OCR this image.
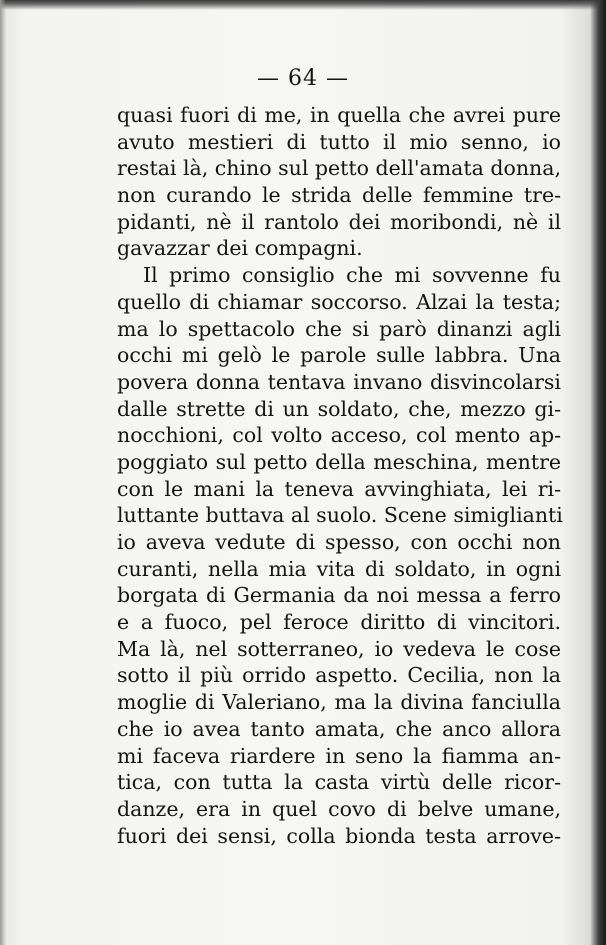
— 64 —
quasi fuori di me, in quella che avrei pure
avuto mestieri di tutto il mio senno, io
restai là, chino sul petto dell'amata donna,
non curando le strida delle femmine tre-
pidanti, nè il rantolo dei moribondi, nè il
gavazzar dei compagni.
Il primo consiglio che mi sovvenne fu
quello di chiamar soccorso. Alzai la testa;
ma lo spettacolo che si parò dinanzi agli
occhi mi gelò le parole sulle labbra. Una
povera donna tentava invano disvincolarsi
dalle strette di un soldato, che, mezzo gi-
nocchioni, col volto acceso, col mento ap-
poggiato sul petto della meschina, mentre
con le mani la teneva avvinghiata, lei ri-
luttante buttava al suolo. Scene simiglianti
io aveva vedute di spesso, con occhi non
curanti, nella mia vita di soldato, in ogni
borgata di Germania da noi messa a ferro
e a fuoco, pel feroce diritto di vincitori.
Ma là, nel sotterraneo, io vedeva le cose
sotto il più orrido aspetto. Cecilia, non la
moglie di Valeriano, ma la divina fanciulla
che io avea tanto amata, che anco allora
mi faceva riardere in seno la fiamma an-
tica, con tutta la casta virtù delle ricor-
danze, era in quel covo di belve umane,
fuori dei sensi, colla bionda testa arrove-
